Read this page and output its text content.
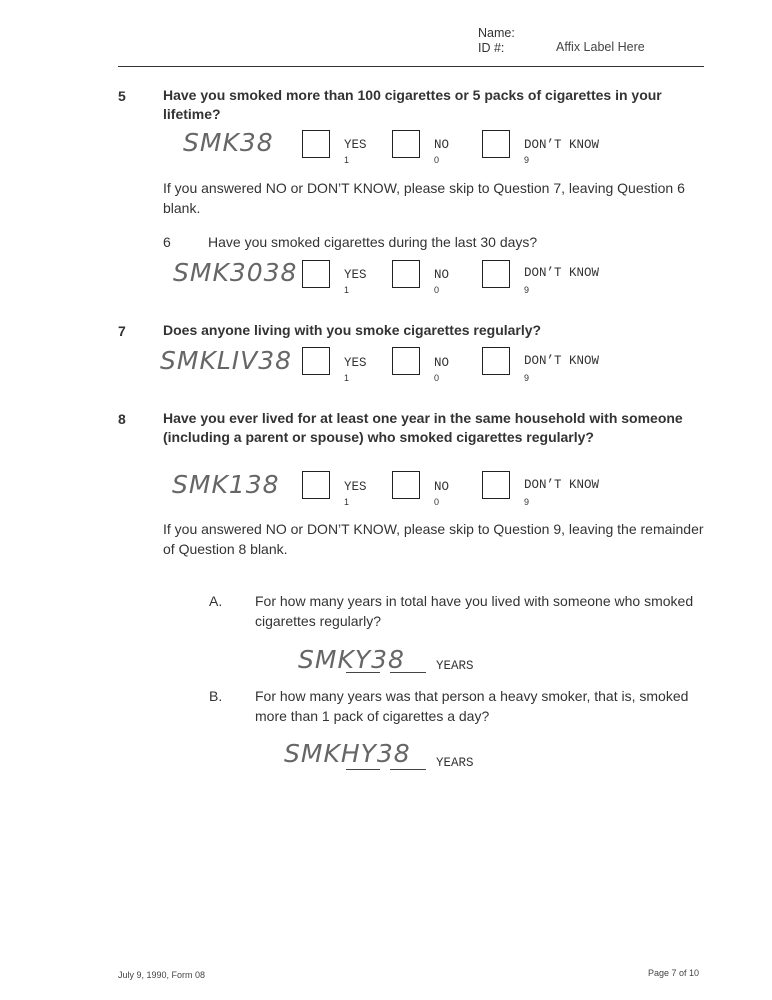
Name:
ID #:	Affix Label Here
5	Have you smoked more than 100 cigarettes or 5 packs of cigarettes in your lifetime?
SMK38	YES
1
NO
0
DON’T KNOW
9
If you answered NO or DON’T KNOW, please skip to Question 7, leaving Question 6 blank.
6	Have you smoked cigarettes during the last 30 days?
SMK3038	YES
1
NO
0
DON’T KNOW
9
7	Does anyone living with you smoke cigarettes regularly?
SMKLIV38	YES
1
NO
0
DON’T KNOW
9
8	Have you ever lived for at least one year in the same household with someone (including a parent or spouse) who smoked cigarettes regularly?
SMK138	YES
1
NO
0
DON’T KNOW
9
If you answered NO or DON’T KNOW, please skip to Question 9, leaving the remainder of Question 8 blank.
A. For how many years in total have you lived with someone who smoked cigarettes regularly?
SMKY38 YEARS
B. For how many years was that person a heavy smoker, that is, smoked more than 1 pack of cigarettes a day?
SMKHY38 YEARS
July 9, 1990, Form 08	Page 7 of 10
